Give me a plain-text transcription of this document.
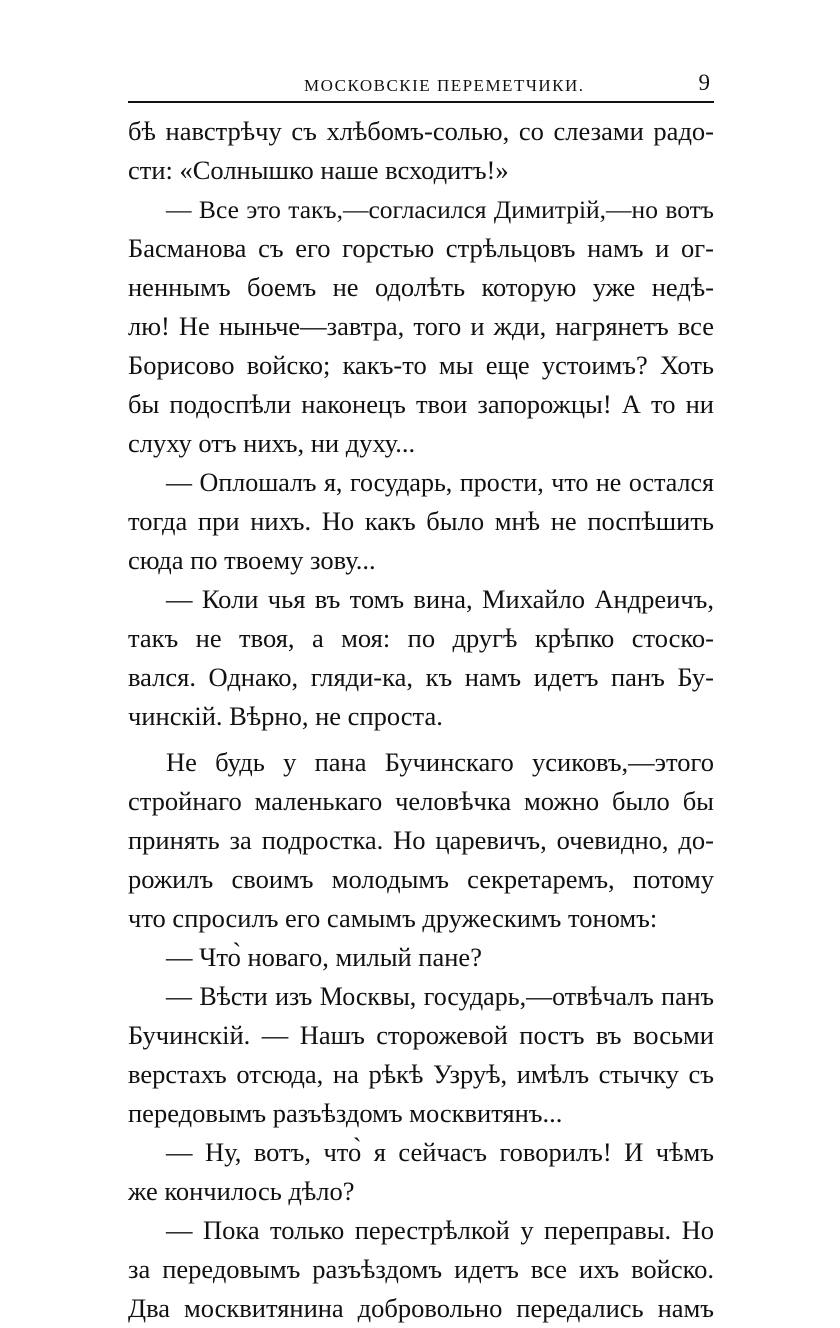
МОСКОВСКІЕ ПЕРЕМЕТЧИКИ.	9
бѣ навстрѣчу съ хлѣбомъ-солью, со слезами радо-
сти: «Солнышко наше всходитъ!»
— Все это такъ,—согласился Димитрій,—но вотъ
Басманова съ его горстью стрѣльцовъ намъ и ог-
неннымъ боемъ не одолѣть которую уже недѣ-
лю! Не ныньче—завтра, того и жди, нагрянетъ все
Борисово войско; какъ-то мы еще устоимъ? Хоть
бы подоспѣли наконецъ твои запорожцы! А то ни
слуху отъ нихъ, ни духу...
— Оплошалъ я, государь, прости, что не остался
тогда при нихъ. Но какъ было мнѣ не поспѣшить
сюда по твоему зову...
— Коли чья въ томъ вина, Михайло Андреичъ,
такъ не твоя, а моя: по другѣ крѣпко стоско-
вался. Однако, гляди-ка, къ намъ идетъ панъ Бу-
чинскій. Вѣрно, не спроста.
Не будь у пана Бучинскаго усиковъ,—этого
стройнаго маленькаго человѣчка можно было бы
принять за подростка. Но царевичъ, очевидно, до-
рожилъ своимъ молодымъ секретаремъ, потому
что спросилъ его самымъ дружескимъ тономъ:
— Что̀ новаго, милый пане?
— Вѣсти изъ Москвы, государь,—отвѣчалъ панъ
Бучинскій. — Нашъ сторожевой постъ въ восьми
верстахъ отсюда, на рѣкѣ Узруѣ, имѣлъ стычку съ
передовымъ разъѣздомъ москвитянъ...
— Ну, вотъ, что̀ я сейчасъ говорилъ! И чѣмъ
же кончилось дѣло?
— Пока только перестрѣлкой у переправы. Но
за передовымъ разъѣздомъ идетъ все ихъ войско.
Два москвитянина добровольно передались намъ
